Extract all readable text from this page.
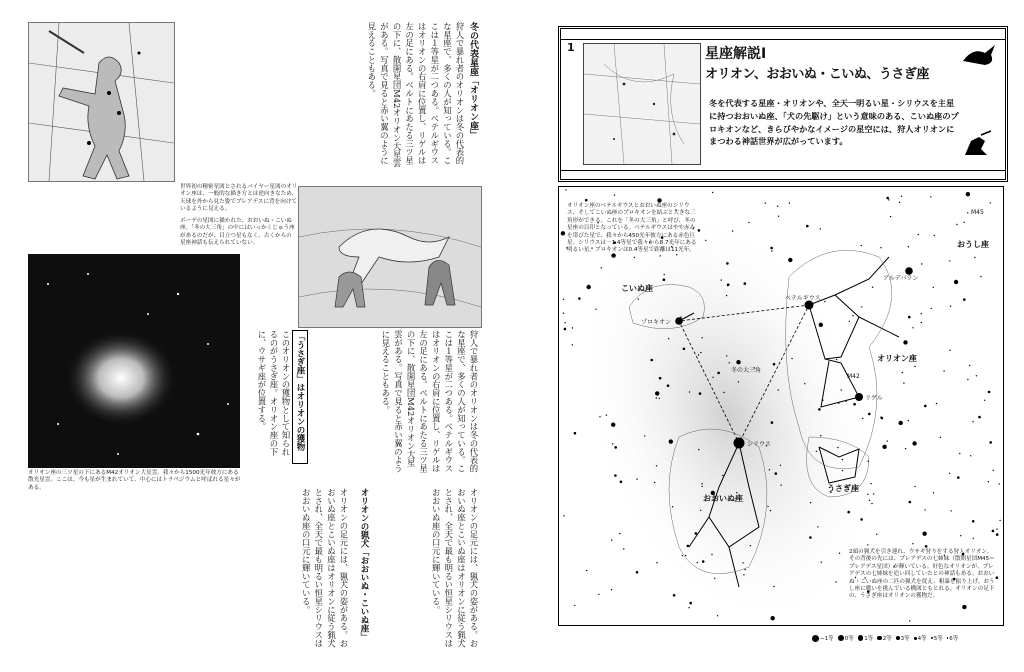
冬の代表星座「オリオン座」
狩人で暴れ者のオリオンは冬の代表的な星座で、多くの人が知っている。ここは１等星が二つある。ベテルギウスはオリオンの右肩に位置し、リゲルは左の足にある。ベルトにあたる三ツ星の下に、散開星団M42オリオン大星雲がある。写真で見ると赤い翼のように見えることもある。
世界初の精密星図とされるバイヤー星図のオリオン座は、一般的な描き方とは逆向きなため、天球を外から見た姿でプレアデスに背を向けているように見える。
ボーデの星図に描かれた、おおいぬ・こいぬ座。「冬の大三角」の中にはいっかくじゅう座があるのだが、目立つ星もなく、古くからの星座神話も伝えられていない。
オリオン座の三ツ星の下にあるM42オリオン大星雲。我々から1500光年彼方にある散光星雲。ここは、今も星が生まれていて、中心にはトラペジウムと呼ばれる星々がある。
「うさぎ座」はオリオンの獲物
このオリオンの獲物として知られるのがうさぎ座。オリオン座の下に、ウサギ座が位置する。	狩人で暴れ者のオリオンは冬の代表的な星座で、多くの人が知っている。ここは１等星が二つある。ベテルギウスはオリオンの右肩に位置し、リゲルは左の足にある。ベルトにあたる三ツ星の下に、散開星団M42オリオン大星雲がある。写真で見ると赤い翼のように見えることもある。
オリオンの猟犬「おおいぬ・こいぬ座」	オリオンの足元には、猟犬の姿がある。おおいぬ座とこいぬ座はオリオンに従う猟犬とされ、全天で最も明るい恒星シリウスはおおいぬ座の口元に輝いている。
オリオンの足元には、猟犬の姿がある。おおいぬ座とこいぬ座はオリオンに従う猟犬とされ、全天で最も明るい恒星シリウスはおおいぬ座の口元に輝いている。
1	星座解説Ⅰ
オリオン、おおいぬ・こいぬ、うさぎ座
冬を代表する星座・オリオンや、全天一明るい星・シリウスを主星に持つおおいぬ座、「犬の先駆け」という意味のある、こいぬ座のプロキオンなど、きらびやかなイメージの星空には、狩人オリオンにまつわる神話世界が広がっています。
オリオン座のベテルギウスとおおいぬ座のシリウス、そしてこいぬ座のプロキオンを結ぶと大きな三角形ができる。これを「冬の大三角」と呼び、冬の星座の目印となっている。ベテルギウスはやや赤みを帯びた星で、我々から450光年彼方にある赤色巨星。シリウスは－1.4等星で我々から8.7光年にある明るい星。プロキオンは0.4等星で距離は11光年。
2頭の猟犬を引き連れ、ウサギ狩りをする狩人オリオン。その背後の先には、プレアデスの七姉妹（散開星団M45＝プレアデス星団）が輝いている。好色なオリオンが、プレアデスの七姉妹を追い回していたとの神話もある。おおいぬ・こいぬ座の二匹の猟犬を従え、粗暴を振り上げ、おうし座に戦いを挑んでいる構図ともとれる。オリオンの足下の、うさぎ座はオリオンの獲物だ。
こいぬ座
オリオン座
おおいぬ座
うさぎ座
おうし座
ベテルギウス
プロキオン
シリウス
リゲル
アルデバラン
M42
M45
冬の大三角
−1等 0等 1等 2等 3等 4等 5等 6等
